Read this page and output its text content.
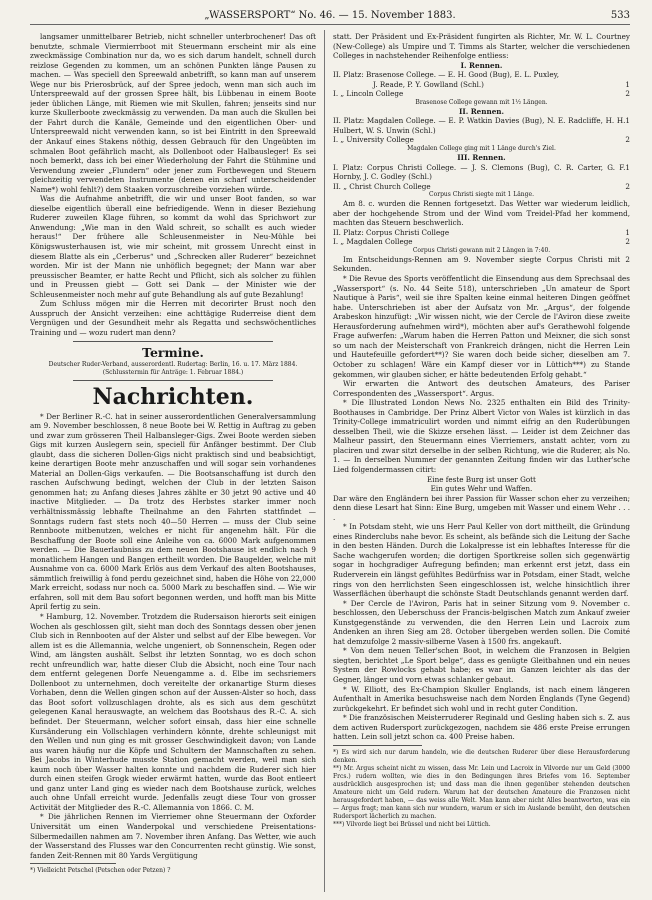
„WASSERSPORT“ No. 46. — 15. November 1883.	533

langsamer unmittelbarer Betrieb, nicht schneller unterbrochener! Das oft benutzte, schmale Viermierrboot mit Steuermann erscheint mir als eine zweckmässige Combination nur da, wo es sich darum handelt, schnell durch reizlose Gegenden zu kommen, um an schönen Punkten länge Pausen zu machen. — Was speciell den Spreewald anbetrifft, so kann man auf unserem Wege nur bis Prierosbrück, auf der Spree jedoch, wenn man sich auch im Unterspreewald auf der grossen Spree hält, bis Lübbenau in einem Boote jeder üblichen Länge, mit Riemen wie mit Skullen, fahren; jenseits sind nur kurze Skullerboote zweckmässig zu verwenden. Da man auch die Skullen bei der Fahrt durch die Kanäle, Gemeinde und den eigentlichen Ober- und Unterspreewald nicht verwenden kann, so ist bei Eintritt in den Spreewald der Ankauf eines Stakens nöthig, dessen Gebrauch für den Ungeübten im schmalen Boot gefährlich macht, als Dollenboot oder Halbausleger! Es sei noch bemerkt, dass ich bei einer Wiederholung der Fahrt die Stühmine und Verwendung zweier „Flundern“ oder jener zum Fortbewegen und Steuern gleichzeitig verwendeten Instrumente (denen ein scharf unterscheidender Name*) wohl fehlt?) dem Staaken vorzuschreibe vorziehen würde.

Was die Aufnahme anbetrifft, die wir und unser Boot fanden, so war dieselbe eigentlich überall eine befriedigende. Wenn in dieser Beziehung Ruderer zuweilen Klage führen, so kommt da wohl das Sprichwort zur Anwendung: „Wie man in den Wald schreit, so schallt es auch wieder heraus!“ Der frühere alle Schleusenmeister in Neu-Mühle bei Königswusterhausen ist, wie mir scheint, mit grossem Unrecht einst in diesem Blatte als ein „Cerberus“ und „Schrecken aller Ruderer“ bezeichnet worden. Mir ist der Mann nie unhöflich begegnet; der Mann war aber preussischer Beamter, er hatte Recht und Pflicht, sich als solcher zu fühlen und in Preussen giebt — Gott sei Dank — der Minister wie der Schleusenmeister noch mehr auf gute Behandlung als auf gute Bezahlung!

Zum Schluss mögen mir die Herren mit decorirter Brust noch den Ausspruch der Ansicht verzeihen: eine achttägige Ruderreise dient dem Vergnügen und der Gesundheit mehr als Regatta und sechswöchentliches Training und — wozu rudert man denn?

Termine.

Deutscher Ruder-Verband, ausserordentl. Rudertag: Berlin, 16. u. 17. März 1884. (Schlusstermin für Anträge: 1. Februar 1884.)

Nachrichten.

* Der Berliner R.-C. hat in seiner ausserordentlichen Generalversammlung am 9. November beschlossen, 8 neue Boote bei W. Rettig in Auftrag zu geben und zwar zum grösseren Theil Halbansleger-Gigs. Zwei Boote werden sieben Gigs mit kurzen Auslegern sein, speciell für Anfänger bestimmt. Der Club glaubt, dass die sicheren Dollen-Gigs nicht praktisch sind und beabsichtigt, keine derartigen Boote mehr anzuschaffen und will sogar sein vorhandenes Material an Dollen-Gigs verkaufen. — Die Bootsanschaffung ist durch den raschen Aufschwung bedingt, welchen der Club in der letzten Saison genommen hat; zu Anfang dieses Jahres zählte er 30 jetzt 90 active und 40 inactive Mitglieder. — Da trotz des Herbstes starker immer noch verhältnissmässig lebhafte Theilnahme an den Fahrten stattfindet — Sonntags rudern fast stets noch 40—50 Herren — muss der Club seine Rennboote mitbenutzen, welches er nicht für angenehm hält. Für die Beschaffung der Boote soll eine Anleihe von ca. 6000 Mark aufgenommen werden. — Die Bauerlaubniss zu dem neuen Bootshause ist endlich nach 9 monatlichem Hangen und Bangen ertheilt worden. Die Baugelder, welche mit Ausnahme von ca. 6000 Mark Erlös aus dem Verkauf des alten Bootshauses, sämmtlich freiwillig à fond perdu gezeichnet sind, haben die Höhe von 22,000 Mark erreicht, sodass nur noch ca. 5000 Mark zu beschaffen sind. — Wie wir erfahren, soll mit dem Bau sofort begonnen werden, und hofft man bis Mitte April fertig zu sein.

* Hamburg, 12. November. Trotzdem die Rudersaison hierorts seit einigen Wochen als geschlossen gilt, sieht man doch des Sonntags dessen ober jenen Club sich in Rennbooten auf der Alster und selbst auf der Elbe bewegen. Vor allem ist es die Allemannia, welche ungeniert, ob Sonnenschein, Regen oder Wind, am längsten aushält. Selbst ihr letzten Sonntag, wo es doch schon recht unfreundlich war, hatte dieser Club die Absicht, noch eine Tour nach dem entfernt gelegenen Dorfe Neuengamme a. d. Elbe im sechsriemers Dollenboot zu unternehmen, doch vereitelte der orkanartige Sturm dieses Vorhaben, denn die Wellen gingen schon auf der Aussen-Alster so hoch, dass das Boot sofort vollzuschlagen drohte, als es sich aus dem geschützt gelegenen Kanal herauswagte, an welchem das Bootshaus des R.-C. A. sich befindet. Der Steuermann, welcher sofort einsah, dass hier eine schnelle Kursänderung ein Vollschlagen verhindern könnte, drehte schleunigst mit den Wellen und nun ging es mit grosser Geschwindigkeit davon; von Lande aus waren häufig nur die Köpfe und Schultern der Mannschaften zu sehen. Bei Jacobs in Winterhude musste Station gemacht werden, weil man sich kaum noch über Wasser halten konnte und nachdem die Ruderer sich hier durch einen steifen Grogk wieder erwärmt hatten, wurde das Boot entleert und ganz unter Land ging es wieder nach dem Bootshause zurück, welches auch ohne Unfall erreicht wurde. Jedenfalls zeugt diese Tour von grosser Activität der Mitglieder des R.-C. Allemannia von 1866. C. M.

* Die jährlichen Rennen im Vierriemer ohne Steuermann der Oxforder Universität um einen Wanderpokal und verschiedene Preisentations-Silbermedaillen nahmen am 7. November ihren Anfang. Das Wetter, wie auch der Wasserstand des Flusses war den Concurrenten recht günstig. Wie sonst, fanden Zeit-Rennen mit 80 Yards Vergütigung

*) Vielleicht Petschel (Petschen oder Petzen) ?

statt. Der Präsident und Ex-Präsident fungirten als Richter, Mr. W. L. Courtney (New-College) als Umpire und T. Timms als Starter, welcher die verschiedenen Colleges in nachstehender Reihenfolge entliess:

I. Rennen.

II. Platz: Brasenose College. — E. H. Good (Bug), E. L. Puxley,
J. Reade, P. Y. Gowlland (Schl.)	1
I. „ Lincoln College	2

Brasenose College gewann mit 1½ Längen.

II. Rennen.

II. Platz: Magdalen College. — E. P. Watkin Davies (Bug), N. E. Radcliffe, H. H. Hulbert, W. S. Unwin (Schl.)
1
I. „ University College	2

Magdalen College ging mit 1 Länge durch's Ziel.

III. Rennen.

I. Platz: Corpus Christi College. — J. S. Clemons (Bug), C. R. Carter, G. F. Hornby, J. C. Godley (Schl.)
1
II. „ Christ Church College	2

Corpus Christi siegte mit 1 Länge.

Am 8. c. wurden die Rennen fortgesetzt. Das Wetter war wiederum leidlich, aber der hochgehende Strom und der Wind vom Treidel-Pfad her kommend, machten das Steuern beschwerlich.

II. Platz: Corpus Christi College	1
I. „ Magdalen College	2

Corpus Christi gewann mit 2 Längen in 7:40.

Im Entscheidungs-Rennen am 9. November siegte Corpus Christi mit 2 Sekunden.

* Die Revue des Sports veröffentlicht die Einsendung aus dem Sprechsaal des „Wassersport“ (s. No. 44 Seite 518), unterschrieben „Un amateur de Sport Nautique à Paris“, weil sie ihre Spalten keine einmal heiteren Dingen geöffnet habe. Unterschrieben ist aber der Aufsatz von Mr. „Argus“, der folgende Arabeskon hinzufügt: „Wir wissen nicht, wie der Cercle de l'Aviron diese zweite Herausforderung aufnehmen wird*), möchten aber auf's Gerathewohl folgende Frage aufwerfen: „Warum haben die Herren Patton und Meixner, die sich sonst so um nach der Meisterschaft von Frankreich drängen, nicht die Herren Lein und Hautefeuille gefordert**)? Sie waren doch beide sicher, dieselben am 7. October zu schlagen! Wäre ein Kampf dieser vor in Lüttich***) zu Stande gekommen, wir glauben sicher, er hätte bedeutenden Erfolg gehabt.“

Wir erwarten die Antwort des deutschen Amateurs, des Pariser Correspondenten des „Wassersport“. Argus.

* Die Illustrated London News No. 2325 enthalten ein Bild des Trinity-Boothauses in Cambridge. Der Prinz Albert Victor von Wales ist kürzlich in das Trinity-College immatriculirt worden und nimmt eifrig an den Ruderübungen desselben Theil, wie die Skizze ersehen lässt. — Leider ist dem Zeichner das Malheur passirt, den Steuermann eines Vierriemers, anstatt achter, vorn zu placiren und zwar sitzt derselbe in der selben Richtung, wie die Ruderer, als No. 1. — In derselben Nummer der genannten Zeitung finden wir das Luther'sche Lied folgendermassen citirt:

Eine feste Burg ist unser Gott

Ein gutes Wehr und Waffen.

Dar wäre den Engländern bei ihrer Passion für Wasser schon eher zu verzeihen; denn diese Lesart hat Sinn: Eine Burg, umgeben mit Wasser und einem Wehr . . . .

* In Potsdam steht, wie uns Herr Paul Keller von dort mittheilt, die Gründung eines Rinderclubs nahe bevor. Es scheint, als befände sich die Leitung der Sache in den besten Händen. Durch die Lokalpresse ist ein lebhaftes Interesse für die Sache wachgerufen worden; die dortigen Sportkreise sollen sich gegenwärtig sogar in hochgradiger Aufregung befinden; man erkennt erst jetzt, dass ein Ruderverein ein längst gefühltes Bedürfniss war in Potsdam, einer Stadt, welche rings von den herrlichsten Seen eingeschlossen ist, welche hinsichtlich ihrer Wasserflächen überhaupt die schönste Stadt Deutschlands genannt werden darf.

* Der Cercle de l'Aviron, Paris hat in seiner Sitzung vom 9. November c. beschlossen, den Ueberschuss der Francis-belgischen Match zum Ankauf zweier Kunstgegenstände zu verwenden, die den Herren Lein und Lacroix zum Andenken an ihren Sieg am 28. October übergeben werden sollen. Die Comité hat demzufolge 2 massiv-silberne Vasen à 1500 frs. angekauft.

* Von dem neuen Teller'schen Boot, in welchem die Franzosen in Belgien siegten, berichtet „Le Sport belge“, dass es genügte Gleitbahnen und ein neues System der Rowlocks gehabt habe; es war im Ganzen leichter als das der Gegner, länger und vorn etwas schlanker gebaut.

* W. Elliott, des Ex-Champion Skuller Englands, ist nach einem längeren Aufenthalt in Amerika besuchsweise nach dem Norden Englands (Tyne Gegend) zurückgekehrt. Er befindet sich wohl und in recht guter Condition.

* Die französischen Meisterruderer Reginald und Gesling haben sich s. Z. aus dem activen Rudersport zurückgezogen, nachdem sie 486 erste Preise errungen hatten. Lein soll jetzt schon ca. 400 Preise haben.

*) Es wird sich nur darum handeln, wie die deutschen Ruderer über diese Herausforderung denken.

**) Mr. Argus scheint nicht zu wissen, dass Mr. Lein und Lacroix in Vilvorde nur um Geld (3000 Frcs.) rudern wollten, wie dies in den Bedingungen ihres Briefes vom 16. September ausdrücklich ausgesprochen ist; und dass man die ihnen gegenüber stehenden deutschen Amateure nicht um Geld rudern. Warum hat der deutschen Amateure die Franzosen nicht herausgefordert haben, — das weiss alle Welt. Man kann aber nicht Alles beantworten, was ein — Argus fragt; man kann sich nur wundern, warum er sich im Auslande bemüht, den deutschen Rudersport lächerlich zu machen.

***) Vilvorde liegt bei Brüssel und nicht bei Lüttich.
